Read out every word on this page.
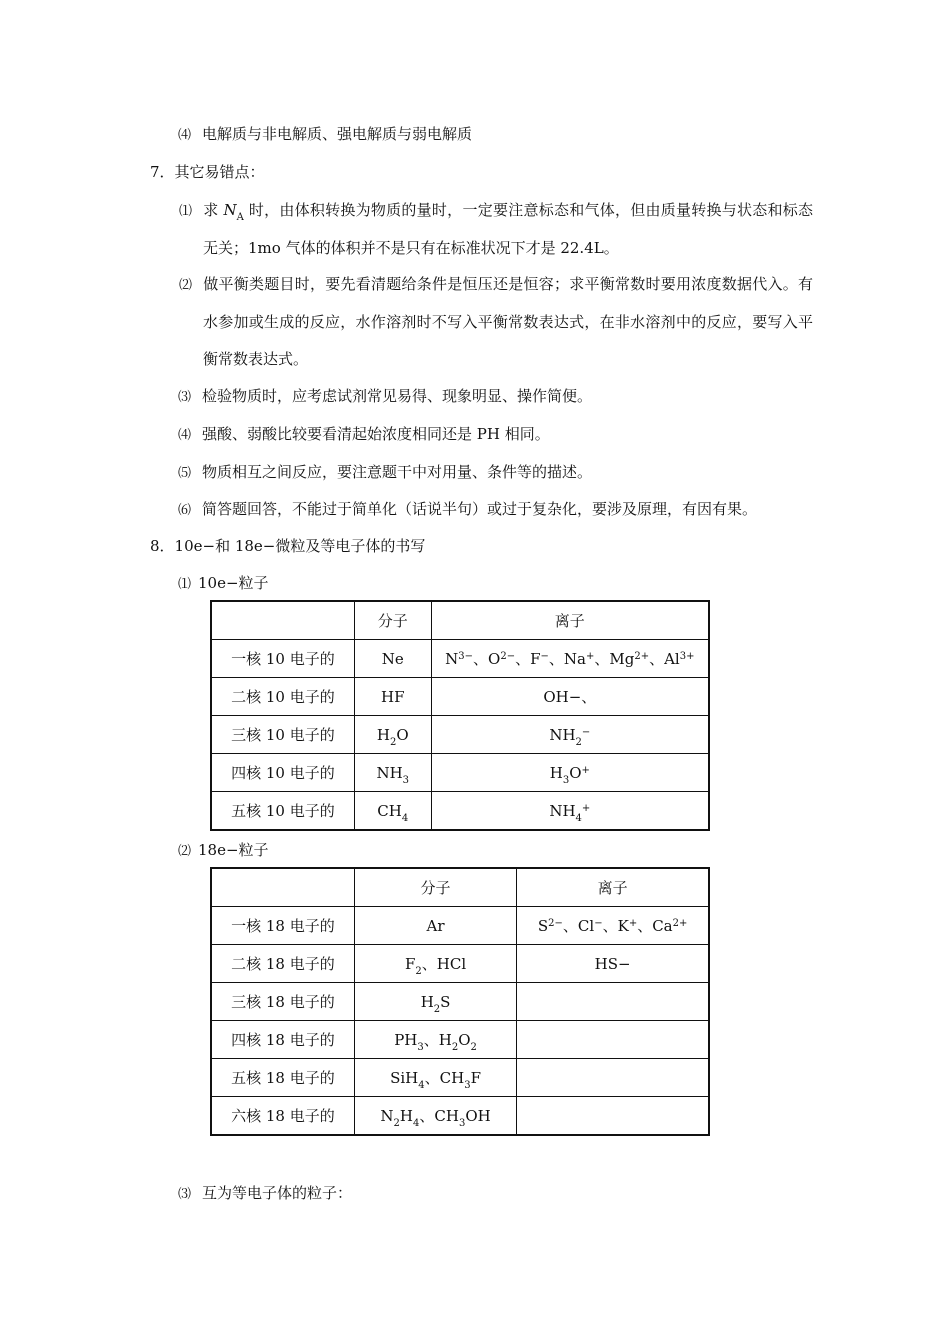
⑷ 电解质与非电解质、强电解质与弱电解质
7．其它易错点：
⑴ 求 $N_A$ 时，由体积转换为物质的量时，一定要注意标态和气体，但由质量转换与状态和标态无关；1mo 气体的体积并不是只有在标准状况下才是 22.4L。
⑵ 做平衡类题目时，要先看清题给条件是恒压还是恒容；求平衡常数时要用浓度数据代入。有水参加或生成的反应，水作溶剂时不写入平衡常数表达式，在非水溶剂中的反应，要写入平衡常数表达式。
⑶ 检验物质时，应考虑试剂常见易得、现象明显、操作简便。
⑷ 强酸、弱酸比较要看清起始浓度相同还是 PH 相同。
⑸ 物质相互之间反应，要注意题干中对用量、条件等的描述。
⑹ 简答题回答，不能过于简单化（话说半句）或过于复杂化，要涉及原理，有因有果。
8．10e−和 18e−微粒及等电子体的书写
⑴ 10e−粒子
	分子	离子
一核 10 电子的	Ne	$N^{3-}$、$O^{2-}$、F−、Na+、$Mg^{2+}$、$Al^{3+}$
二核 10 电子的	HF	OH−、
三核 10 电子的	$H_2O$	$NH_2^-$
四核 10 电子的	$NH_3$	$H_3O^+$
五核 10 电子的	$CH_4$	$NH_4^+$
⑵ 18e−粒子
	分子	离子
一核 18 电子的	Ar	$S^{2-}$、Cl−、K+、$Ca^{2+}$
二核 18 电子的	$F_2$、HCl	HS−
三核 18 电子的	$H_2S$	
四核 18 电子的	$PH_3$、$H_2O_2$	
五核 18 电子的	SiH$_4$、$CH_3F$	
六核 18 电子的	$N_2H_4$、$CH_3OH$	
⑶ 互为等电子体的粒子：
